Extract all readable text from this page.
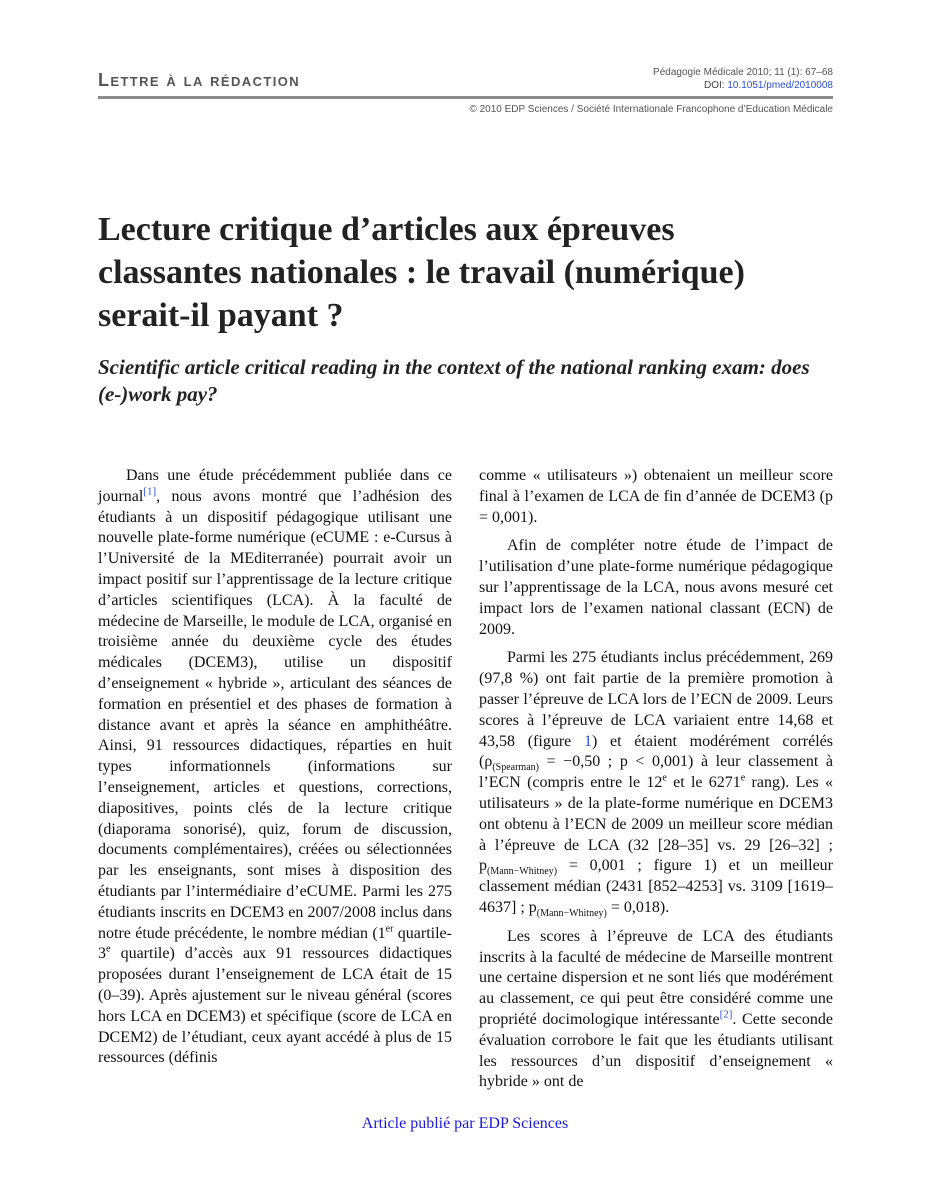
Lettre à la rédaction	Pédagogie Médicale 2010; 11 (1): 67–68
DOI: 10.1051/pmed/2010008
© 2010 EDP Sciences / Société Internationale Francophone d’Education Médicale
Lecture critique d’articles aux épreuves classantes nationales : le travail (numérique) serait-il payant ?
Scientific article critical reading in the context of the national ranking exam: does (e-)work pay?

Dans une étude précédemment publiée dans ce journal[1], nous avons montré que l’adhésion des étudiants à un dispositif pédagogique utilisant une nouvelle plate-forme numérique (eCUME : e-Cursus à l’Université de la MEditerranée) pourrait avoir un impact positif sur l’apprentissage de la lecture critique d’articles scientifiques (LCA). À la faculté de médecine de Marseille, le module de LCA, organisé en troisième année du deuxième cycle des études médicales (DCEM3), utilise un dispositif d’enseignement « hybride », articulant des séances de formation en présentiel et des phases de formation à distance avant et après la séance en amphithéâtre. Ainsi, 91 ressources didactiques, réparties en huit types informationnels (informations sur l’enseignement, articles et questions, corrections, diapositives, points clés de la lecture critique (diaporama sonorisé), quiz, forum de discussion, documents complémentaires), créées ou sélectionnées par les enseignants, sont mises à disposition des étudiants par l’intermédiaire d’eCUME. Parmi les 275 étudiants inscrits en DCEM3 en 2007/2008 inclus dans notre étude précédente, le nombre médian (1er quartile-3e quartile) d’accès aux 91 ressources didactiques proposées durant l’enseignement de LCA était de 15 (0–39). Après ajustement sur le niveau général (scores hors LCA en DCEM3) et spécifique (score de LCA en DCEM2) de l’étudiant, ceux ayant accédé à plus de 15 ressources (définis

comme « utilisateurs ») obtenaient un meilleur score final à l’examen de LCA de fin d’année de DCEM3 (p = 0,001).

Afin de compléter notre étude de l’impact de l’utilisation d’une plate-forme numérique pédagogique sur l’apprentissage de la LCA, nous avons mesuré cet impact lors de l’examen national classant (ECN) de 2009.

Parmi les 275 étudiants inclus précédemment, 269 (97,8 %) ont fait partie de la première promotion à passer l’épreuve de LCA lors de l’ECN de 2009. Leurs scores à l’épreuve de LCA variaient entre 14,68 et 43,58 (figure 1) et étaient modérément corrélés ($\rho_{(Spearman)} = -0,50$ ; p < 0,001) à leur classement à l’ECN (compris entre le 12e et le 6271e rang). Les « utilisateurs » de la plate-forme numérique en DCEM3 ont obtenu à l’ECN de 2009 un meilleur score médian à l’épreuve de LCA (32 [28–35] vs. 29 [26–32] ; $p_{(Mann-Whitney)} = 0,001$ ; figure 1) et un meilleur classement médian (2431 [852–4253] vs. 3109 [1619–4637] ; $p_{(Mann-Whitney)} = 0,018$).

Les scores à l’épreuve de LCA des étudiants inscrits à la faculté de médecine de Marseille montrent une certaine dispersion et ne sont liés que modérément au classement, ce qui peut être considéré comme une propriété docimologique intéressante[2]. Cette seconde évaluation corrobore le fait que les étudiants utilisant les ressources d’un dispositif d’enseignement « hybride » ont de

Article publié par EDP Sciences
